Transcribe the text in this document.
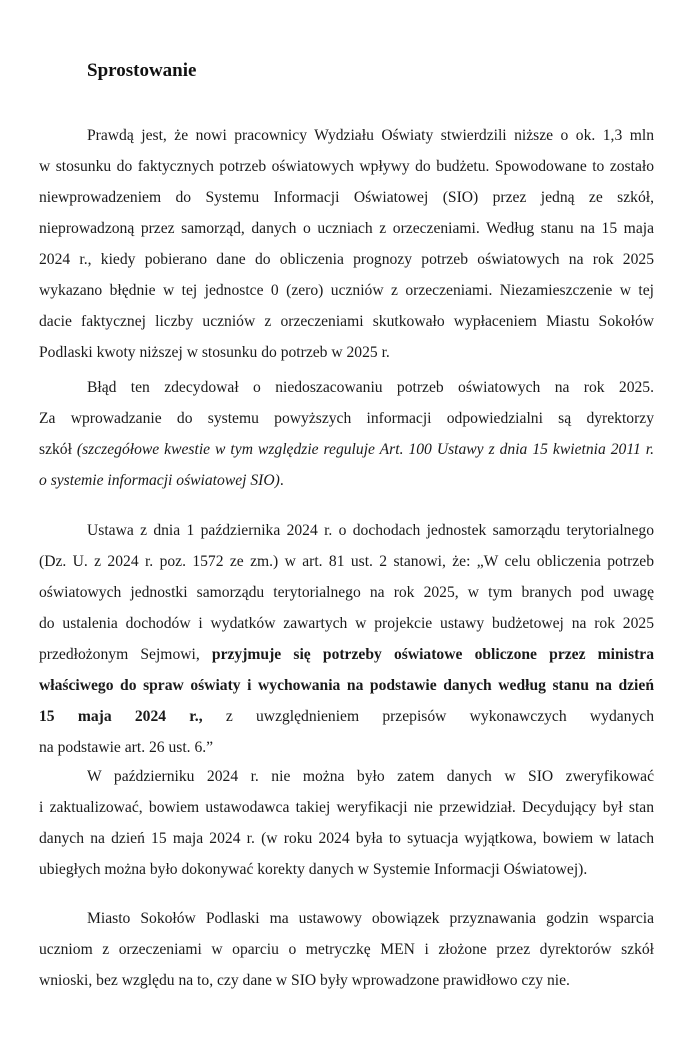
Sprostowanie
Prawdą jest, że nowi pracownicy Wydziału Oświaty stwierdzili niższe o ok. 1,3 mln
w stosunku do faktycznych potrzeb oświatowych wpływy do budżetu. Spowodowane to zostało
niewprowadzeniem do Systemu Informacji Oświatowej (SIO) przez jedną ze szkół,
nieprowadzoną przez samorząd, danych o uczniach z orzeczeniami. Według stanu na 15 maja
2024 r., kiedy pobierano dane do obliczenia prognozy potrzeb oświatowych na rok 2025
wykazano błędnie w tej jednostce 0 (zero) uczniów z orzeczeniami. Niezamieszczenie w tej
dacie faktycznej liczby uczniów z orzeczeniami skutkowało wypłaceniem Miastu Sokołów
Podlaski kwoty niższej w stosunku do potrzeb w 2025 r.
Błąd ten zdecydował o niedoszacowaniu potrzeb oświatowych na rok 2025.
Za wprowadzanie do systemu powyższych informacji odpowiedzialni są dyrektorzy
szkół (szczegółowe kwestie w tym względzie reguluje Art. 100 Ustawy z dnia 15 kwietnia 2011 r.
o systemie informacji oświatowej SIO).
Ustawa z dnia 1 października 2024 r. o dochodach jednostek samorządu terytorialnego
(Dz. U. z 2024 r. poz. 1572 ze zm.) w art. 81 ust. 2 stanowi, że: „W celu obliczenia potrzeb
oświatowych jednostki samorządu terytorialnego na rok 2025, w tym branych pod uwagę
do ustalenia dochodów i wydatków zawartych w projekcie ustawy budżetowej na rok 2025
przedłożonym Sejmowi, przyjmuje się potrzeby oświatowe obliczone przez ministra
właściwego do spraw oświaty i wychowania na podstawie danych według stanu na dzień
15 maja 2024 r., z uwzględnieniem przepisów wykonawczych wydanych
na podstawie art. 26 ust. 6.”
W październiku 2024 r. nie można było zatem danych w SIO zweryfikować
i zaktualizować, bowiem ustawodawca takiej weryfikacji nie przewidział. Decydujący był stan
danych na dzień 15 maja 2024 r. (w roku 2024 była to sytuacja wyjątkowa, bowiem w latach
ubiegłych można było dokonywać korekty danych w Systemie Informacji Oświatowej).
Miasto Sokołów Podlaski ma ustawowy obowiązek przyznawania godzin wsparcia
uczniom z orzeczeniami w oparciu o metryczkę MEN i złożone przez dyrektorów szkół
wnioski, bez względu na to, czy dane w SIO były wprowadzone prawidłowo czy nie.
